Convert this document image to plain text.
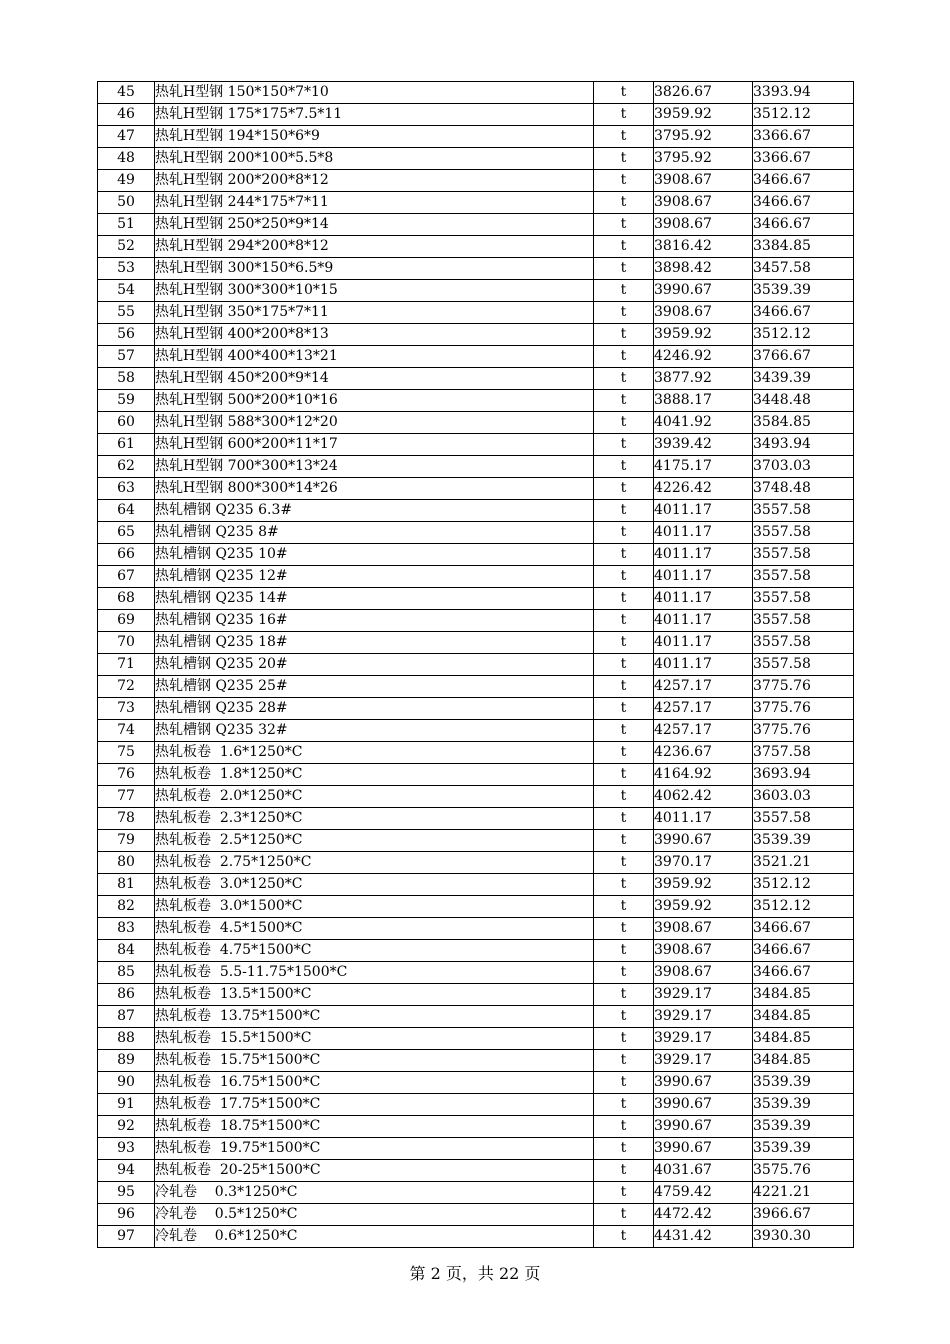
45	热轧H型钢 150*150*7*10	t	3826.67	3393.94
46	热轧H型钢 175*175*7.5*11	t	3959.92	3512.12
47	热轧H型钢 194*150*6*9	t	3795.92	3366.67
48	热轧H型钢 200*100*5.5*8	t	3795.92	3366.67
49	热轧H型钢 200*200*8*12	t	3908.67	3466.67
50	热轧H型钢 244*175*7*11	t	3908.67	3466.67
51	热轧H型钢 250*250*9*14	t	3908.67	3466.67
52	热轧H型钢 294*200*8*12	t	3816.42	3384.85
53	热轧H型钢 300*150*6.5*9	t	3898.42	3457.58
54	热轧H型钢 300*300*10*15	t	3990.67	3539.39
55	热轧H型钢 350*175*7*11	t	3908.67	3466.67
56	热轧H型钢 400*200*8*13	t	3959.92	3512.12
57	热轧H型钢 400*400*13*21	t	4246.92	3766.67
58	热轧H型钢 450*200*9*14	t	3877.92	3439.39
59	热轧H型钢 500*200*10*16	t	3888.17	3448.48
60	热轧H型钢 588*300*12*20	t	4041.92	3584.85
61	热轧H型钢 600*200*11*17	t	3939.42	3493.94
62	热轧H型钢 700*300*13*24	t	4175.17	3703.03
63	热轧H型钢 800*300*14*26	t	4226.42	3748.48
64	热轧槽钢 Q235 6.3#	t	4011.17	3557.58
65	热轧槽钢 Q235 8#	t	4011.17	3557.58
66	热轧槽钢 Q235 10#	t	4011.17	3557.58
67	热轧槽钢 Q235 12#	t	4011.17	3557.58
68	热轧槽钢 Q235 14#	t	4011.17	3557.58
69	热轧槽钢 Q235 16#	t	4011.17	3557.58
70	热轧槽钢 Q235 18#	t	4011.17	3557.58
71	热轧槽钢 Q235 20#	t	4011.17	3557.58
72	热轧槽钢 Q235 25#	t	4257.17	3775.76
73	热轧槽钢 Q235 28#	t	4257.17	3775.76
74	热轧槽钢 Q235 32#	t	4257.17	3775.76
75	热轧板卷  1.6*1250*C	t	4236.67	3757.58
76	热轧板卷  1.8*1250*C	t	4164.92	3693.94
77	热轧板卷  2.0*1250*C	t	4062.42	3603.03
78	热轧板卷  2.3*1250*C	t	4011.17	3557.58
79	热轧板卷  2.5*1250*C	t	3990.67	3539.39
80	热轧板卷  2.75*1250*C	t	3970.17	3521.21
81	热轧板卷  3.0*1250*C	t	3959.92	3512.12
82	热轧板卷  3.0*1500*C	t	3959.92	3512.12
83	热轧板卷  4.5*1500*C	t	3908.67	3466.67
84	热轧板卷  4.75*1500*C	t	3908.67	3466.67
85	热轧板卷  5.5-11.75*1500*C	t	3908.67	3466.67
86	热轧板卷  13.5*1500*C	t	3929.17	3484.85
87	热轧板卷  13.75*1500*C	t	3929.17	3484.85
88	热轧板卷  15.5*1500*C	t	3929.17	3484.85
89	热轧板卷  15.75*1500*C	t	3929.17	3484.85
90	热轧板卷  16.75*1500*C	t	3990.67	3539.39
91	热轧板卷  17.75*1500*C	t	3990.67	3539.39
92	热轧板卷  18.75*1500*C	t	3990.67	3539.39
93	热轧板卷  19.75*1500*C	t	3990.67	3539.39
94	热轧板卷  20-25*1500*C	t	4031.67	3575.76
95	冷轧卷    0.3*1250*C	t	4759.42	4221.21
96	冷轧卷    0.5*1250*C	t	4472.42	3966.67
97	冷轧卷    0.6*1250*C	t	4431.42	3930.30
第 2 页，共 22 页
